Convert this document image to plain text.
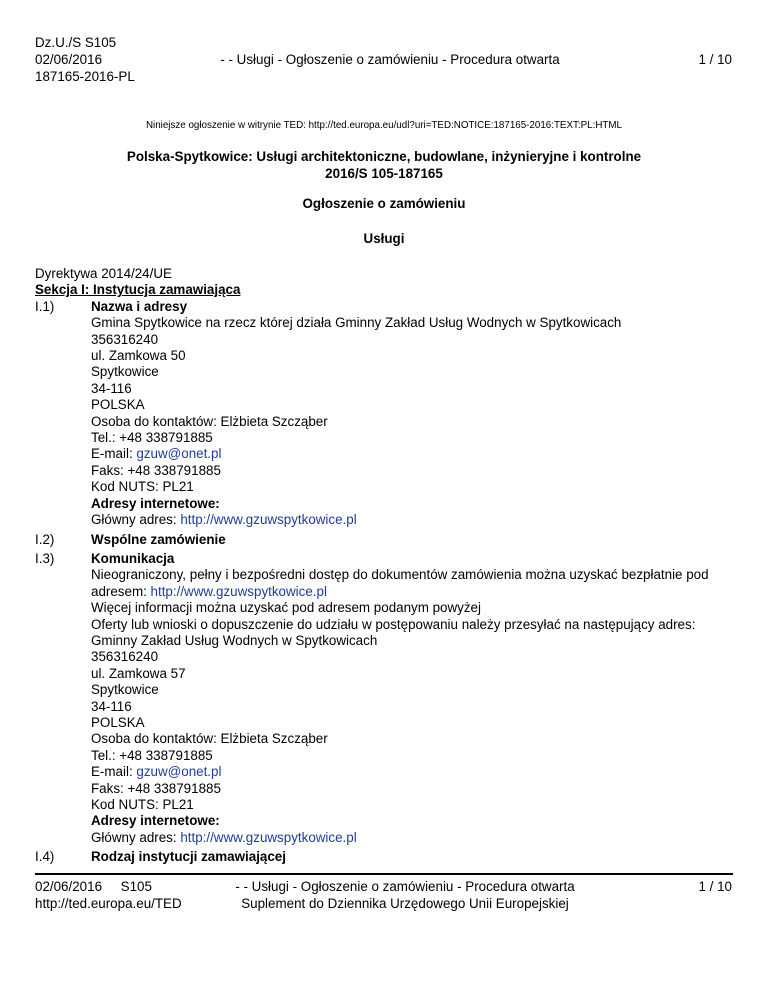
Dz.U./S S105
02/06/2016
187165-2016-PL
- - Usługi - Ogłoszenie o zamówieniu - Procedura otwarta	1 / 10
Niniejsze ogłoszenie w witrynie TED: http://ted.europa.eu/udl?uri=TED:NOTICE:187165-2016:TEXT:PL:HTML
Polska-Spytkowice: Usługi architektoniczne, budowlane, inżynieryjne i kontrolne
2016/S 105-187165
Ogłoszenie o zamówieniu
Usługi
Dyrektywa 2014/24/UE
Sekcja I: Instytucja zamawiająca
I.1)	Nazwa i adresy
Gmina Spytkowice na rzecz której działa Gminny Zakład Usług Wodnych w Spytkowicach
356316240
ul. Zamkowa 50
Spytkowice
34-116
POLSKA
Osoba do kontaktów: Elżbieta Szcząber
Tel.: +48 338791885
E-mail: gzuw@onet.pl
Faks: +48 338791885
Kod NUTS: PL21
Adresy internetowe:
Główny adres: http://www.gzuwspytkowice.pl
I.2)	Wspólne zamówienie
I.3)	Komunikacja
Nieograniczony, pełny i bezpośredni dostęp do dokumentów zamówienia można uzyskać bezpłatnie pod
adresem: http://www.gzuwspytkowice.pl
Więcej informacji można uzyskać pod adresem podanym powyżej
Oferty lub wnioski o dopuszczenie do udziału w postępowaniu należy przesyłać na następujący adres:
Gminny Zakład Usług Wodnych w Spytkowicach
356316240
ul. Zamkowa 57
Spytkowice
34-116
POLSKA
Osoba do kontaktów: Elżbieta Szcząber
Tel.: +48 338791885
E-mail: gzuw@onet.pl
Faks: +48 338791885
Kod NUTS: PL21
Adresy internetowe:
Główny adres: http://www.gzuwspytkowice.pl
I.4)	Rodzaj instytucji zamawiającej
02/06/2016 S105
http://ted.europa.eu/TED
- - Usługi - Ogłoszenie o zamówieniu - Procedura otwarta
Suplement do Dziennika Urzędowego Unii Europejskiej
1 / 10
